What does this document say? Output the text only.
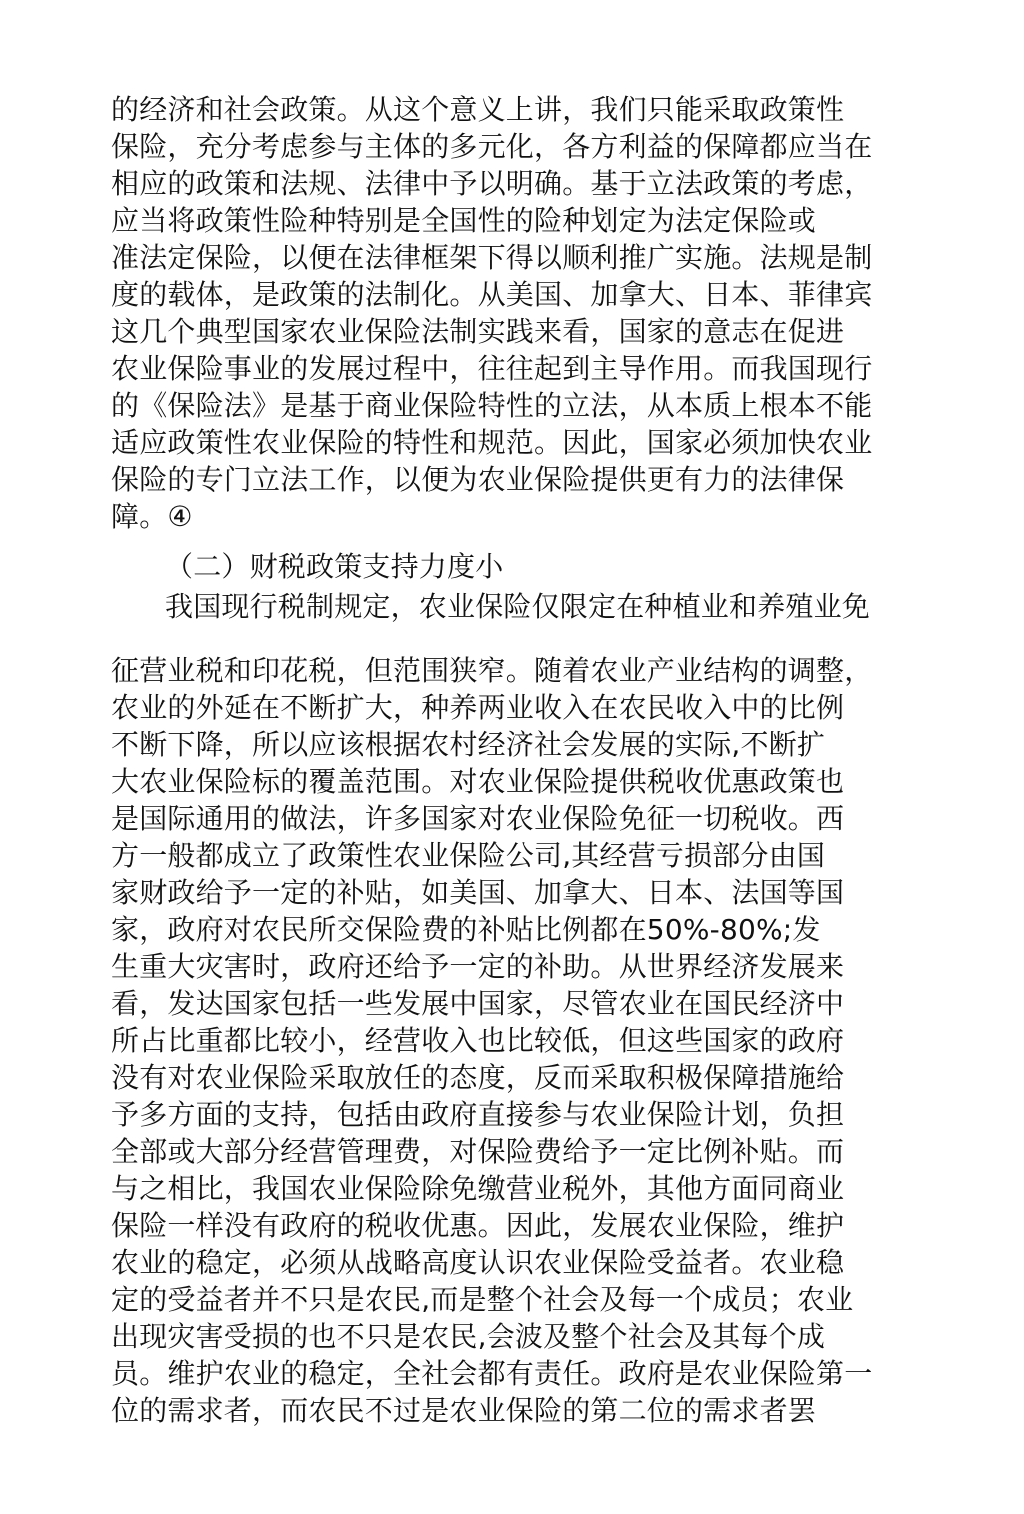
的经济和社会政策。从这个意义上讲，我们只能采取政策性
保险，充分考虑参与主体的多元化，各方利益的保障都应当在
相应的政策和法规、法律中予以明确。基于立法政策的考虑，
应当将政策性险种特别是全国性的险种划定为法定保险或
准法定保险，以便在法律框架下得以顺利推广实施。法规是制
度的载体，是政策的法制化。从美国、加拿大、日本、菲律宾
这几个典型国家农业保险法制实践来看，国家的意志在促进
农业保险事业的发展过程中，往往起到主导作用。而我国现行
的《保险法》是基于商业保险特性的立法，从本质上根本不能
适应政策性农业保险的特性和规范。因此，国家必须加快农业
保险的专门立法工作，以便为农业保险提供更有力的法律保
障。④
（二）财税政策支持力度小
我国现行税制规定，农业保险仅限定在种植业和养殖业免
征营业税和印花税，但范围狭窄。随着农业产业结构的调整，
农业的外延在不断扩大，种养两业收入在农民收入中的比例
不断下降，所以应该根据农村经济社会发展的实际,不断扩
大农业保险标的覆盖范围。对农业保险提供税收优惠政策也
是国际通用的做法，许多国家对农业保险免征一切税收。西
方一般都成立了政策性农业保险公司,其经营亏损部分由国
家财政给予一定的补贴，如美国、加拿大、日本、法国等国
家，政府对农民所交保险费的补贴比例都在50%-80%;发
生重大灾害时，政府还给予一定的补助。从世界经济发展来
看，发达国家包括一些发展中国家，尽管农业在国民经济中
所占比重都比较小，经营收入也比较低，但这些国家的政府
没有对农业保险采取放任的态度，反而采取积极保障措施给
予多方面的支持，包括由政府直接参与农业保险计划，负担
全部或大部分经营管理费，对保险费给予一定比例补贴。而
与之相比，我国农业保险除免缴营业税外，其他方面同商业
保险一样没有政府的税收优惠。因此，发展农业保险，维护
农业的稳定，必须从战略高度认识农业保险受益者。农业稳
定的受益者并不只是农民,而是整个社会及每一个成员；农业
出现灾害受损的也不只是农民,会波及整个社会及其每个成
员。维护农业的稳定，全社会都有责任。政府是农业保险第一
位的需求者，而农民不过是农业保险的第二位的需求者罢
